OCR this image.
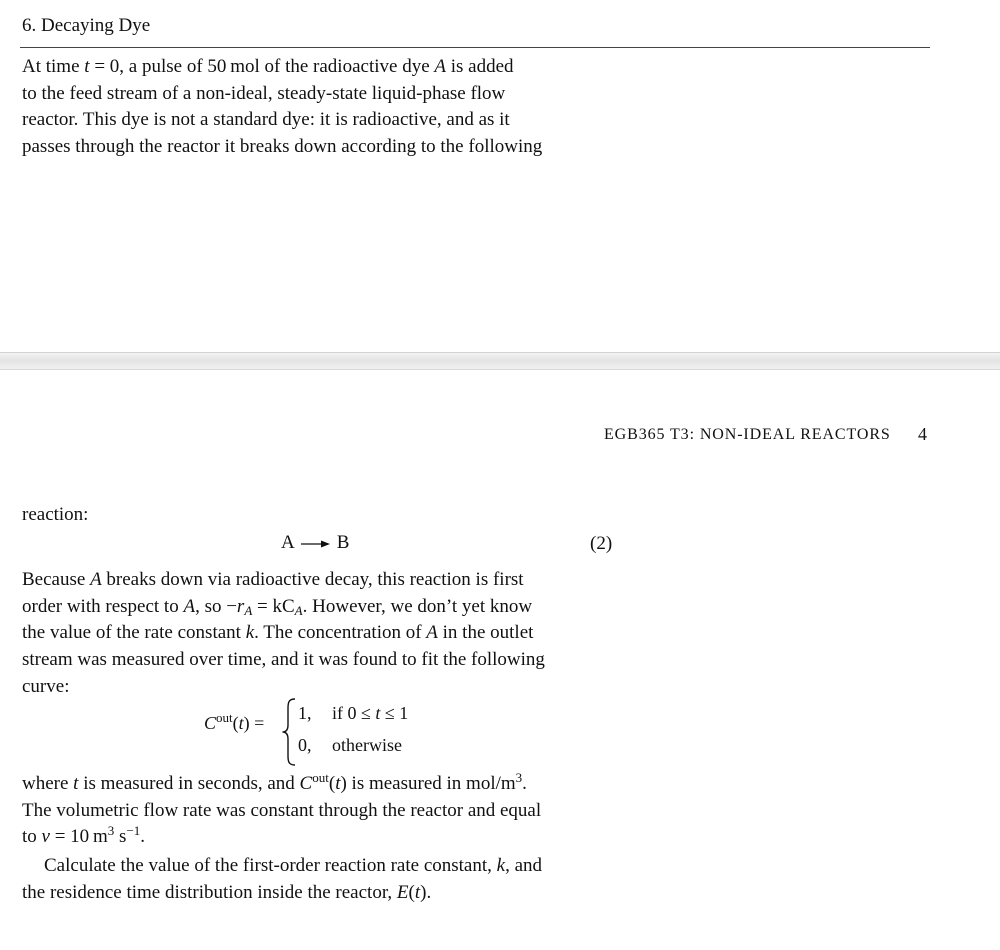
6. Decaying Dye
At time t = 0, a pulse of 50 mol of the radioactive dye A is added
to the feed stream of a non-ideal, steady-state liquid-phase flow
reactor. This dye is not a standard dye: it is radioactive, and as it
passes through the reactor it breaks down according to the following
EGB365 T3: NON-IDEAL REACTORS 4
reaction:
A B	(2)
Because A breaks down via radioactive decay, this reaction is first
order with respect to A, so $-r_A = kC_A$. However, we don’t yet know
the value of the rate constant k. The concentration of A in the outlet
stream was measured over time, and it was found to fit the following
curve:
$C^{out}(t) = 1$, if 0 ≤ t ≤ 1
0, otherwise
where t is measured in seconds, and $C^{out}(t)$ is measured in mol/$m^3$.
The volumetric flow rate was constant through the reactor and equal
to v = 10 $m^3$ $s^{-1}$.
Calculate the value of the first-order reaction rate constant, k, and
the residence time distribution inside the reactor, E(t).
